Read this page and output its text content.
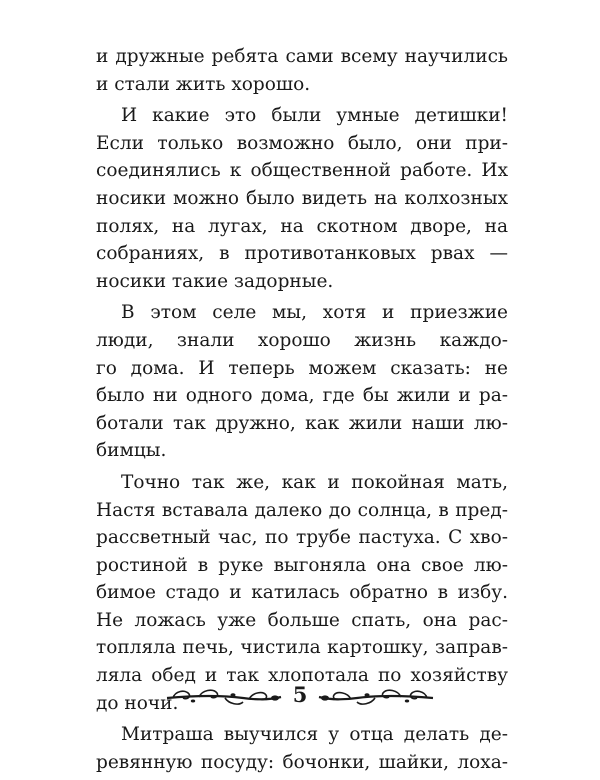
и дружные ребята сами всему научились
и стали жить хорошо.
И какие это были умные детишки!
Если только возможно было, они при-
соединялись к общественной работе. Их
носики можно было видеть на колхозных
полях, на лугах, на скотном дворе, на
собраниях, в противотанковых рвах —
носики такие задорные.
В этом селе мы, хотя и приезжие
люди, знали хорошо жизнь каждо-
го дома. И теперь можем сказать: не
было ни одного дома, где бы жили и ра-
ботали так дружно, как жили наши лю-
бимцы.
Точно так же, как и покойная мать,
Настя вставала далеко до солнца, в пред-
рассветный час, по трубе пастуха. С хво-
ростиной в руке выгоняла она свое лю-
бимое стадо и катилась обратно в избу.
Не ложась уже больше спать, она рас-
топляла печь, чистила картошку, заправ-
ляла обед и так хлопотала по хозяйству
до ночи.
Митраша выучился у отца делать де-
ревянную посуду: бочонки, шайки, лоха-
5
